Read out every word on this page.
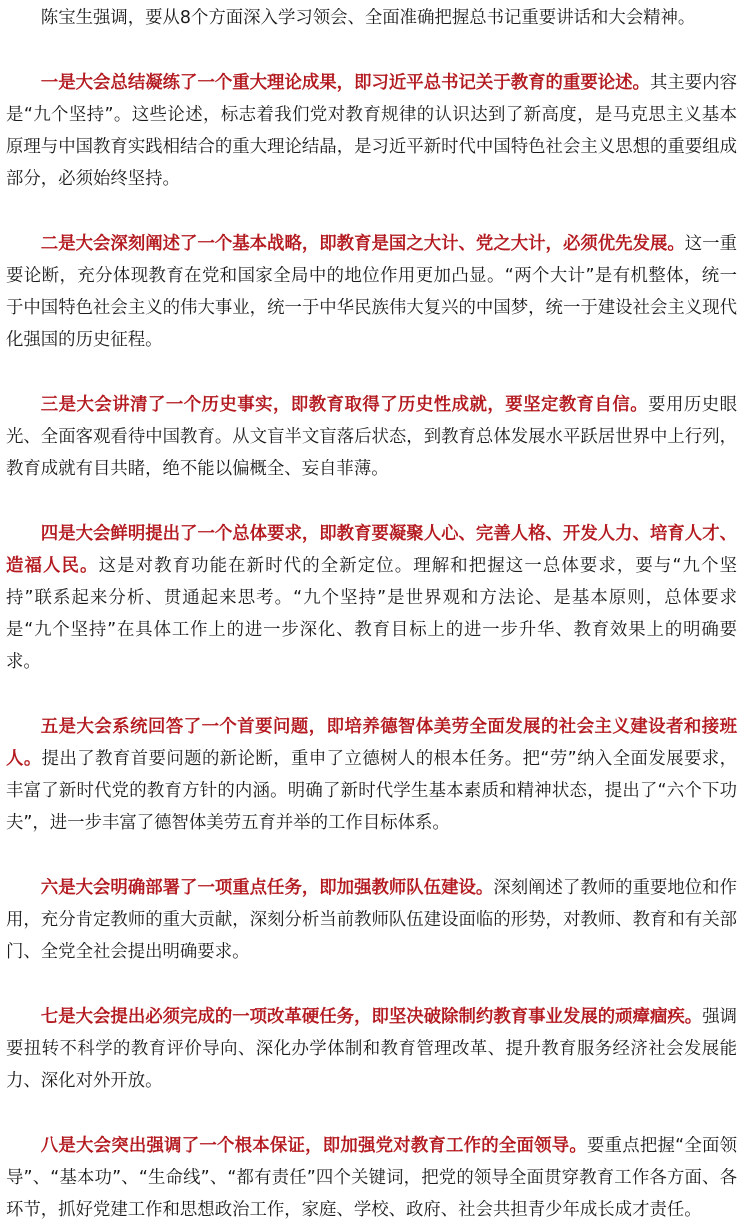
陈宝生强调，要从8个方面深入学习领会、全面准确把握总书记重要讲话和大会精神。

一是大会总结凝练了一个重大理论成果，即习近平总书记关于教育的重要论述。其主要内容是“九个坚持”。这些论述，标志着我们党对教育规律的认识达到了新高度，是马克思主义基本原理与中国教育实践相结合的重大理论结晶，是习近平新时代中国特色社会主义思想的重要组成部分，必须始终坚持。

二是大会深刻阐述了一个基本战略，即教育是国之大计、党之大计，必须优先发展。这一重要论断，充分体现教育在党和国家全局中的地位作用更加凸显。“两个大计”是有机整体，统一于中国特色社会主义的伟大事业，统一于中华民族伟大复兴的中国梦，统一于建设社会主义现代化强国的历史征程。

三是大会讲清了一个历史事实，即教育取得了历史性成就，要坚定教育自信。要用历史眼光、全面客观看待中国教育。从文盲半文盲落后状态，到教育总体发展水平跃居世界中上行列，教育成就有目共睹，绝不能以偏概全、妄自菲薄。

四是大会鲜明提出了一个总体要求，即教育要凝聚人心、完善人格、开发人力、培育人才、造福人民。这是对教育功能在新时代的全新定位。理解和把握这一总体要求，要与“九个坚持”联系起来分析、贯通起来思考。“九个坚持”是世界观和方法论、是基本原则，总体要求是“九个坚持”在具体工作上的进一步深化、教育目标上的进一步升华、教育效果上的明确要求。

五是大会系统回答了一个首要问题，即培养德智体美劳全面发展的社会主义建设者和接班人。提出了教育首要问题的新论断，重申了立德树人的根本任务。把“劳”纳入全面发展要求，丰富了新时代党的教育方针的内涵。明确了新时代学生基本素质和精神状态，提出了“六个下功夫”，进一步丰富了德智体美劳五育并举的工作目标体系。

六是大会明确部署了一项重点任务，即加强教师队伍建设。深刻阐述了教师的重要地位和作用，充分肯定教师的重大贡献，深刻分析当前教师队伍建设面临的形势，对教师、教育和有关部门、全党全社会提出明确要求。

七是大会提出必须完成的一项改革硬任务，即坚决破除制约教育事业发展的顽瘴痼疾。强调要扭转不科学的教育评价导向、深化办学体制和教育管理改革、提升教育服务经济社会发展能力、深化对外开放。

八是大会突出强调了一个根本保证，即加强党对教育工作的全面领导。要重点把握“全面领导”、“基本功”、“生命线”、“都有责任”四个关键词，把党的领导全面贯穿教育工作各方面、各环节，抓好党建工作和思想政治工作，家庭、学校、政府、社会共担青少年成长成才责任。
